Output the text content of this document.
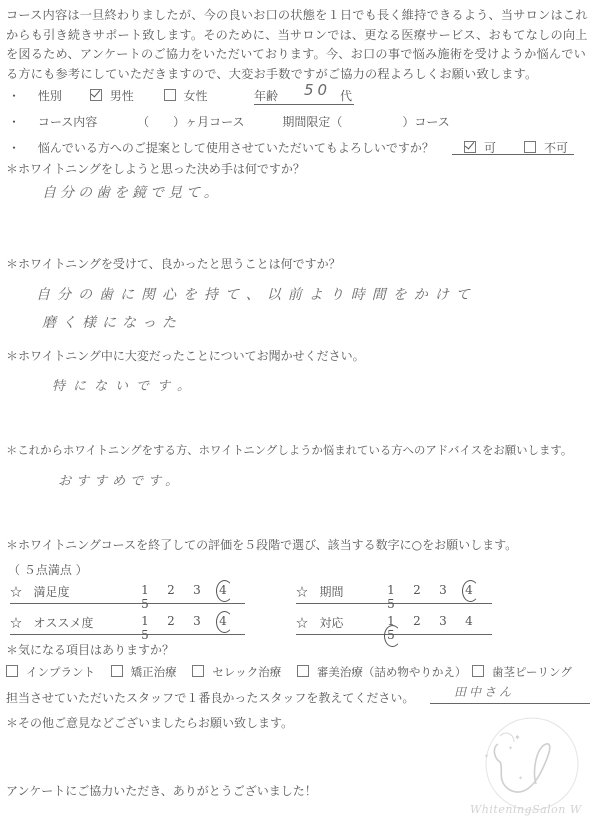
コース内容は一旦終わりましたが、今の良いお口の状態を１日でも長く維持できるよう、当サロンはこれからも引き続きサポート致します。そのために、当サロンでは、更なる医療サービス、おもてなしの向上を図るため、アンケートのご協力をいただいております。今、お口の事で悩み施術を受けようか悩んでいる方にも参考にしていただきますので、大変お手数ですがご協力の程よろしくお願い致します。
・ 性別	男性	女性	年齢 50 代
・ コース内容	（　　）ヶ月コース	期間限定（　　　　　）コース
・ 悩んでいる方へのご提案として使用させていただいてもよろしいですか？	可	不可
＊ホワイトニングをしようと思った決め手は何ですか？
自分の歯を鏡で見て。
＊ホワイトニングを受けて、良かったと思うことは何ですか？
自分の歯に関心を持て、以前より時間をかけて
磨く様になった
＊ホワイトニング中に大変だったことについてお聞かせください。
特にないです。
＊これからホワイトニングをする方、ホワイトニングしようか悩まれている方へのアドバイスをお願いします。
おすすめです。
＊ホワイトニングコースを終了しての評価を５段階で選び、該当する数字に○をお願いします。
（ ５点満点 ）
☆ 満足度	1 2 3 45
☆ 期間	1 2 3 45
☆ オススメ度	1 2 3 45
☆ 対応	1 2 3 45
＊気になる項目はありますか？
インプラント	矯正治療	セレック治療	審美治療（詰め物やりかえ） 歯茎ピーリング
担当させていただいたスタッフで１番良かったスタッフを教えてください。	田中さん
＊その他ご意見などございましたらお願い致します。
✦
✦
✦
✦
WhiteningSalon W
アンケートにご協力いただき、ありがとうございました！
